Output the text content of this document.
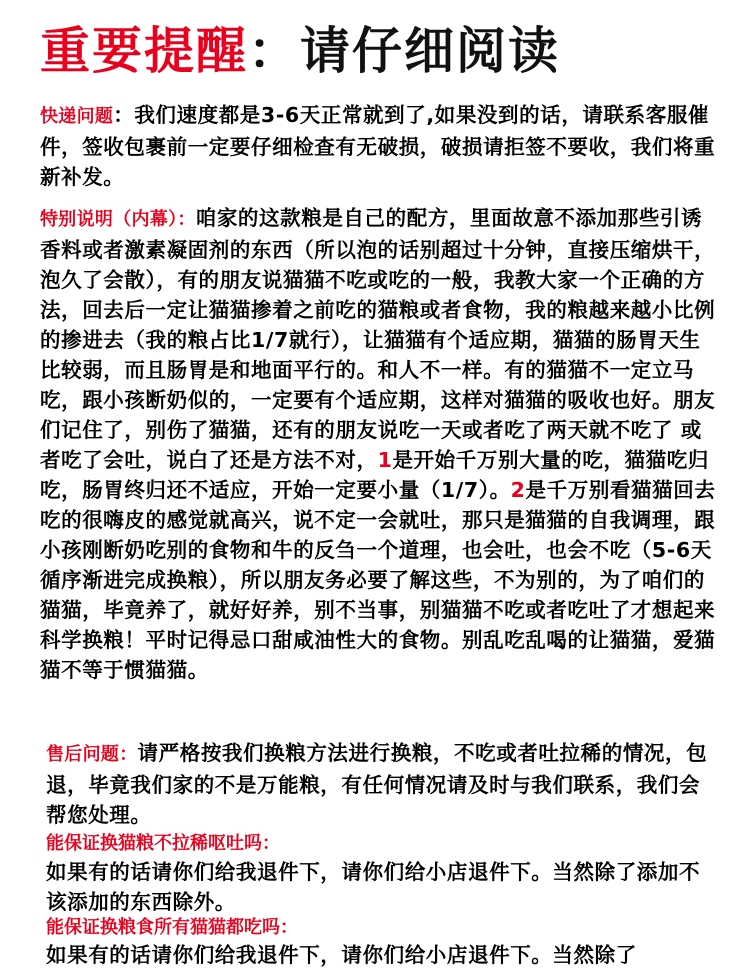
重要提醒：请仔细阅读

快递问题：我们速度都是3-6天正常就到了,如果没到的话，请联系客服催件，签收包裹前一定要仔细检查有无破损，破损请拒签不要收，我们将重新补发。

特别说明（内幕）：咱家的这款粮是自己的配方，里面故意不添加那些引诱香料或者激素凝固剂的东西（所以泡的话别超过十分钟，直接压缩烘干，泡久了会散），有的朋友说猫猫不吃或吃的一般，我教大家一个正确的方法，回去后一定让猫猫掺着之前吃的猫粮或者食物，我的粮越来越小比例的掺进去（我的粮占比1/7就行），让猫猫有个适应期，猫猫的肠胃天生比较弱，而且肠胃是和地面平行的。和人不一样。有的猫猫不一定立马吃，跟小孩断奶似的，一定要有个适应期，这样对猫猫的吸收也好。朋友们记住了，别伤了猫猫，还有的朋友说吃一天或者吃了两天就不吃了 或者吃了会吐，说白了还是方法不对，1是开始千万别大量的吃，猫猫吃归吃，肠胃终归还不适应，开始一定要小量（1/7）。2是千万别看猫猫回去吃的很嗨皮的感觉就高兴，说不定一会就吐，那只是猫猫的自我调理，跟小孩刚断奶吃别的食物和牛的反刍一个道理，也会吐，也会不吃（5-6天循序渐进完成换粮），所以朋友务必要了解这些，不为别的，为了咱们的猫猫，毕竟养了，就好好养，别不当事，别猫猫不吃或者吃吐了才想起来科学换粮！平时记得忌口甜咸油性大的食物。别乱吃乱喝的让猫猫，爱猫猫不等于惯猫猫。

售后问题：请严格按我们换粮方法进行换粮，不吃或者吐拉稀的情况，包退，毕竟我们家的不是万能粮，有任何情况请及时与我们联系，我们会帮您处理。

能保证换猫粮不拉稀呕吐吗：

如果有的话请你们给我退件下，请你们给小店退件下。当然除了添加不该添加的东西除外。

能保证换粮食所有猫猫都吃吗：
如果有的话请你们给我退件下，请你们给小店退件下。当然除了
